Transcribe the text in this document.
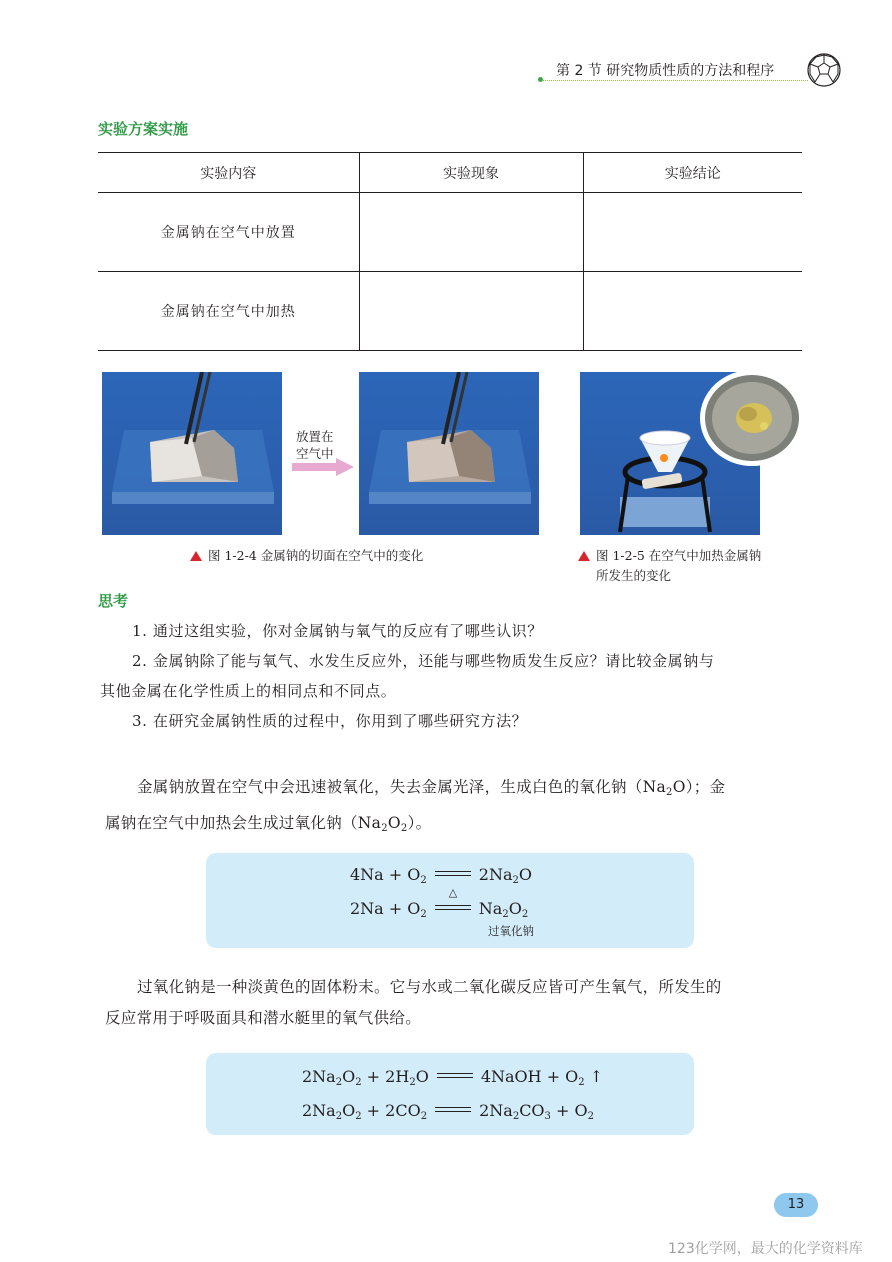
第 2 节 研究物质性质的方法和程序
实验方案实施
实验内容	实验现象	实验结论
金属钠在空气中放置		
金属钠在空气中加热		
放置在
空气中
图 1-2-4 金属钠的切面在空气中的变化	图 1-2-5 在空气中加热金属钠
所发生的变化
思考
1. 通过这组实验，你对金属钠与氧气的反应有了哪些认识？
2. 金属钠除了能与氧气、水发生反应外，还能与哪些物质发生反应？请比较金属钠与
其他金属在化学性质上的相同点和不同点。
3. 在研究金属钠性质的过程中，你用到了哪些研究方法？

金属钠放置在空气中会迅速被氧化，失去金属光泽，生成白色的氧化钠$(Na_2O)$；金

属钠在空气中加热会生成过氧化钠$(Na_2O_2)$。
$4Na + O_2$	$2Na_2O$
$2Na + O_2$
△
$Na_2O_2$
过氧化钠

过氧化钠是一种淡黄色的固体粉末。它与水或二氧化碳反应皆可产生氧气，所发生的

反应常用于呼吸面具和潜水艇里的氧气供给。
$2Na_2O_2 + 2H_2O$	4NaOH + $O_2$ ↑
$2Na_2O_2 + 2CO_2$	$2Na_2CO_3 + O_2$
13
123化学网，最大的化学资料库
